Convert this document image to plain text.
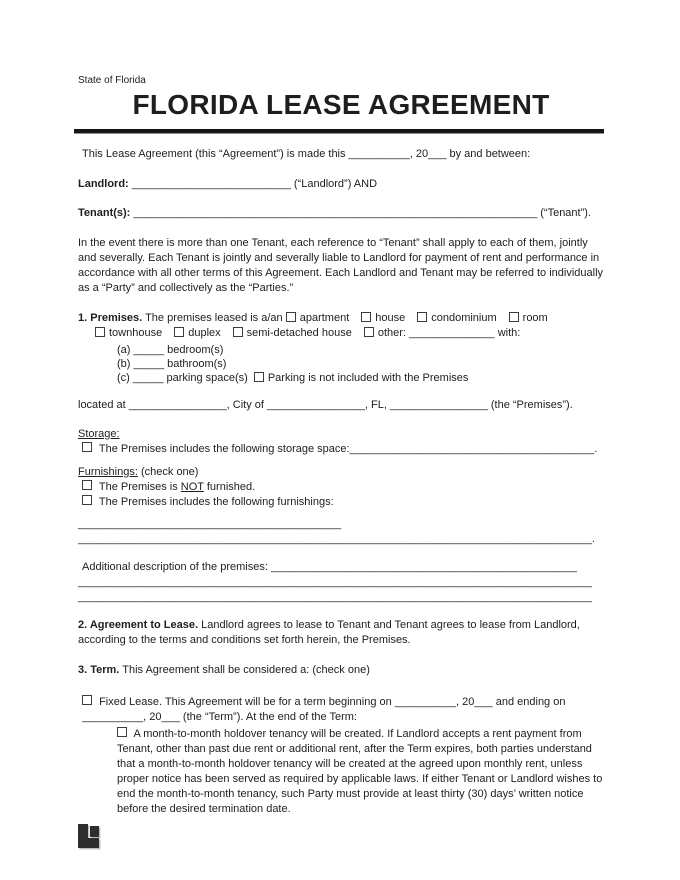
State of Florida

FLORIDA LEASE AGREEMENT

This Lease Agreement (this “Agreement”) is made this __________, 20___ by and between:

Landlord: __________________________ (“Landlord”) AND

Tenant(s): __________________________________________________________________ (“Tenant”).

In the event there is more than one Tenant, each reference to “Tenant” shall apply to each of them, jointly and severally. Each Tenant is jointly and severally liable to Landlord for payment of rent and performance in accordance with all other terms of this Agreement. Each Landlord and Tenant may be referred to individually as a “Party” and collectively as the “Parties.”

1. Premises. The premises leased is a/an apartment house condominium room

townhouse duplex semi-detached house other: ______________ with:

(a) _____ bedroom(s)

(b) _____ bathroom(s)

(c) _____ parking space(s) Parking is not included with the Premises

located at ________________, City of ________________, FL, ________________ (the “Premises”).

Storage:

The Premises includes the following storage space:________________________________________.

Furnishings: (check one)

The Premises is NOT furnished.

The Premises includes the following furnishings:

___________________________________________

____________________________________________________________________________________.

Additional description of the premises: __________________________________________________

____________________________________________________________________________________

____________________________________________________________________________________

2. Agreement to Lease. Landlord agrees to lease to Tenant and Tenant agrees to lease from Landlord, according to the terms and conditions set forth herein, the Premises.

3. Term. This Agreement shall be considered a: (check one)

Fixed Lease. This Agreement will be for a term beginning on __________, 20___ and ending on __________, 20___ (the “Term”). At the end of the Term:

A month-to-month holdover tenancy will be created. If Landlord accepts a rent payment from Tenant, other than past due rent or additional rent, after the Term expires, both parties understand that a month-to-month holdover tenancy will be created at the agreed upon monthly rent, unless proper notice has been served as required by applicable laws. If either Tenant or Landlord wishes to end the month-to-month tenancy, such Party must provide at least thirty (30) days’ written notice before the desired termination date.
